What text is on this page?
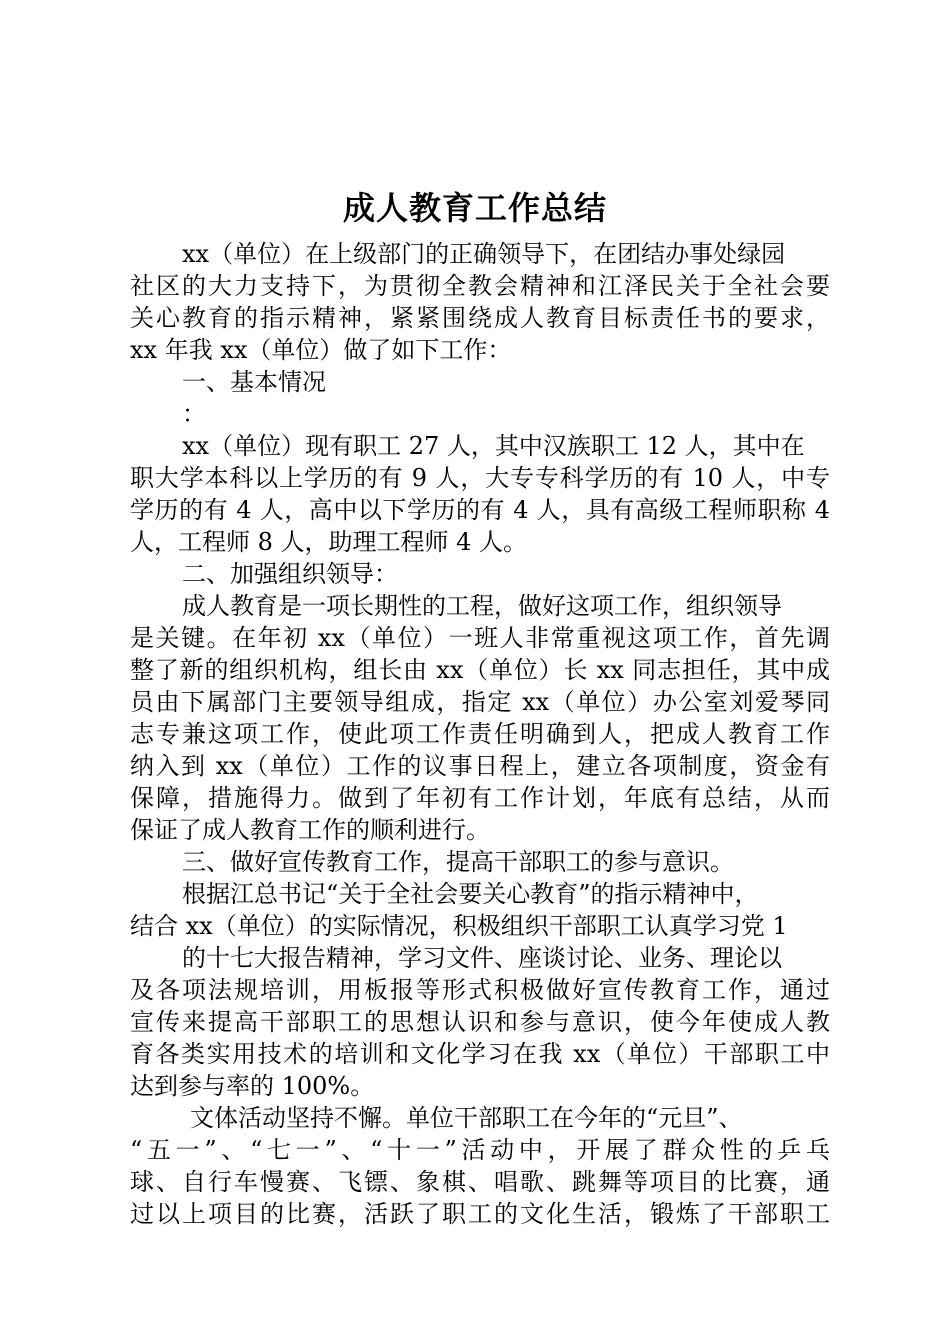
成人教育工作总结
xx（单位）在上级部门的正确领导下，在团结办事处绿园
社区的大力支持下，为贯彻全教会精神和江泽民关于全社会要
关心教育的指示精神，紧紧围绕成人教育目标责任书的要求，
xx 年我 xx（单位）做了如下工作：
一、基本情况
：
xx（单位）现有职工 27 人，其中汉族职工 12 人，其中在
职大学本科以上学历的有 9 人，大专专科学历的有 10 人，中专
学历的有 4 人，高中以下学历的有 4 人，具有高级工程师职称 4
人，工程师 8 人，助理工程师 4 人。
二、加强组织领导：
成人教育是一项长期性的工程，做好这项工作，组织领导
是关键。在年初 xx（单位）一班人非常重视这项工作，首先调
整了新的组织机构，组长由 xx（单位）长 xx 同志担任，其中成
员由下属部门主要领导组成，指定 xx（单位）办公室刘爱琴同
志专兼这项工作，使此项工作责任明确到人，把成人教育工作
纳入到 xx（单位）工作的议事日程上，建立各项制度，资金有
保障，措施得力。做到了年初有工作计划，年底有总结，从而
保证了成人教育工作的顺利进行。
三、做好宣传教育工作，提高干部职工的参与意识。
根据江总书记“关于全社会要关心教育”的指示精神中，
结合 xx（单位）的实际情况，积极组织干部职工认真学习党 1
的十七大报告精神，学习文件、座谈讨论、业务、理论以
及各项法规培训，用板报等形式积极做好宣传教育工作，通过
宣传来提高干部职工的思想认识和参与意识，使今年使成人教
育各类实用技术的培训和文化学习在我 xx（单位）干部职工中
达到参与率的 100%。
文体活动坚持不懈。单位干部职工在今年的“元旦”、
“五一”、“七一”、“十一”活动中，开展了群众性的乒乓
球、自行车慢赛、飞镖、象棋、唱歌、跳舞等项目的比赛，通
过以上项目的比赛，活跃了职工的文化生活，锻炼了干部职工
